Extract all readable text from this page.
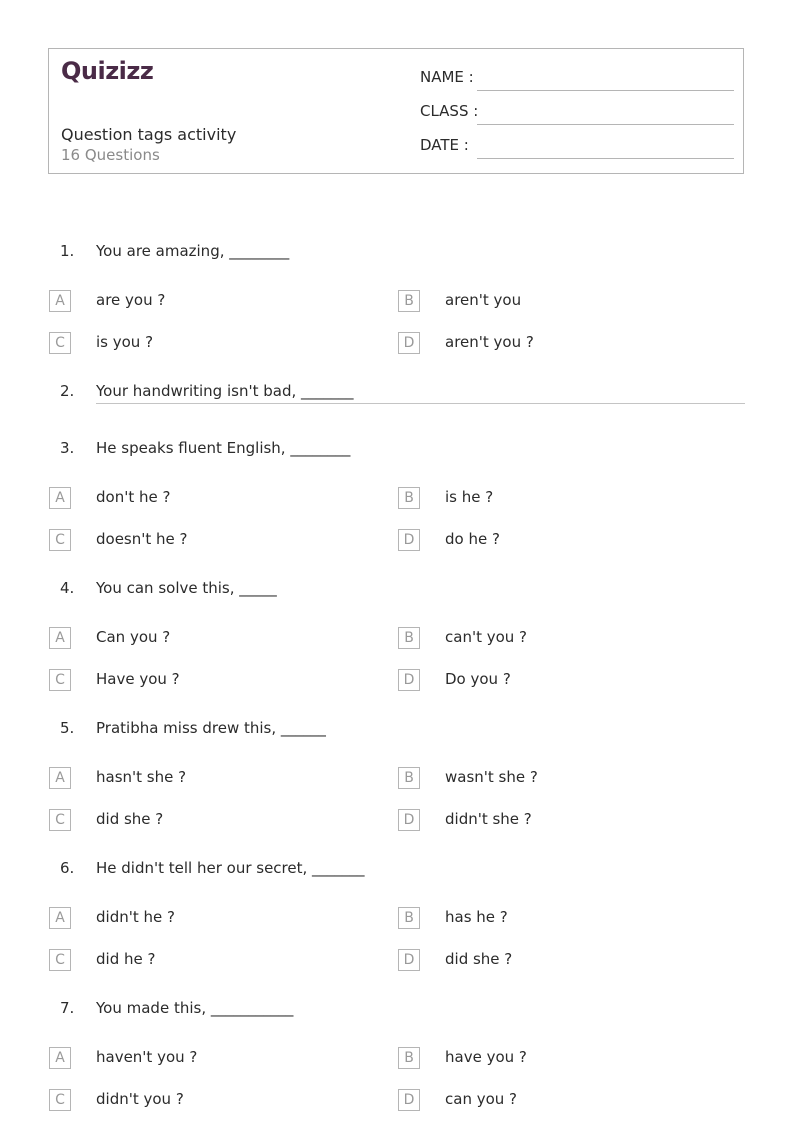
Quizizz
Question tags activity
16 Questions
NAME :
CLASS :
DATE :
1. You are amazing, ________
A	are you ?	B	aren't you
C	is you ?	D	aren't you ?
2. Your handwriting isn't bad, _______
3. He speaks fluent English, ________
A	don't he ?	B	is he ?
C	doesn't he ?	D	do he ?
4. You can solve this, _____
A	Can you ?	B	can't you ?
C	Have you ?	D	Do you ?
5. Pratibha miss drew this, ______
A	hasn't she ?	B	wasn't she ?
C	did she ?	D	didn't she ?
6. He didn't tell her our secret, _______
A	didn't he ?	B	has he ?
C	did he ?	D	did she ?
7. You made this, ___________
A	haven't you ?	B	have you ?
C	didn't you ?	D	can you ?
